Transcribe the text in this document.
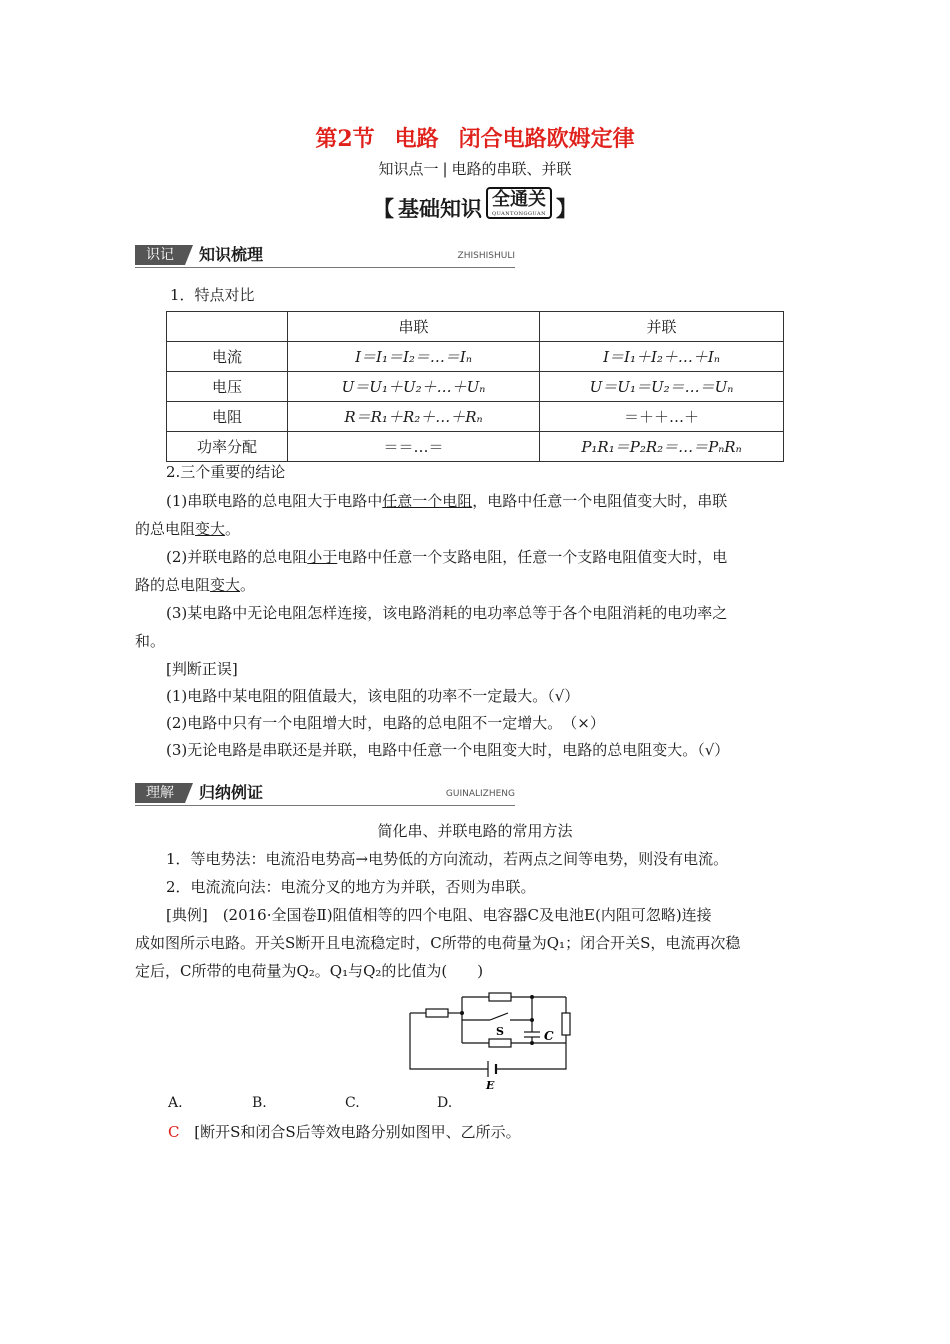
第2节 电路 闭合电路欧姆定律
知识点一 | 电路的串联、并联
【 基础知识 全通关
QUANTONGGUAN 】
识记	知识梳理	ZHISHISHULI
1．特点对比
	串联	并联
电流	I＝I₁＝I₂＝…＝Iₙ	I＝I₁＋I₂＋…＋Iₙ
电压	U＝U₁＋U₂＋…＋Uₙ	U＝U₁＝U₂＝…＝Uₙ
电阻	R＝R₁＋R₂＋…＋Rₙ	＝＋＋…＋
功率分配	＝＝…＝	P₁R₁＝P₂R₂＝…＝PₙRₙ
2.三个重要的结论
(1)串联电路的总电阻大于电路中任意一个电阻，电路中任意一个电阻值变大时，串联
的总电阻变大。
(2)并联电路的总电阻小于电路中任意一个支路电阻，任意一个支路电阻值变大时，电
路的总电阻变大。
(3)某电路中无论电阻怎样连接，该电路消耗的电功率总等于各个电阻消耗的电功率之
和。
[判断正误]
(1)电路中某电阻的阻值最大，该电阻的功率不一定最大。（√）
(2)电路中只有一个电阻增大时，电路的总电阻不一定增大。　（×）
(3)无论电路是串联还是并联，电路中任意一个电阻变大时，电路的总电阻变大。（√）
理解	归纳例证	GUINALIZHENG
简化串、并联电路的常用方法
1．等电势法：电流沿电势高→电势低的方向流动，若两点之间等电势，则没有电流。
2．电流流向法：电流分叉的地方为并联，否则为串联。
[典例]　(2016·全国卷Ⅱ)阻值相等的四个电阻、电容器C及电池E(内阻可忽略)连接
成如图所示电路。开关S断开且电流稳定时，C所带的电荷量为Q₁；闭合开关S，电流再次稳
定后，C所带的电荷量为Q₂。Q₁与Q₂的比值为(　　)
S	C
E
A.	B.	C.	D.
C [断开S和闭合S后等效电路分别如图甲、乙所示。
